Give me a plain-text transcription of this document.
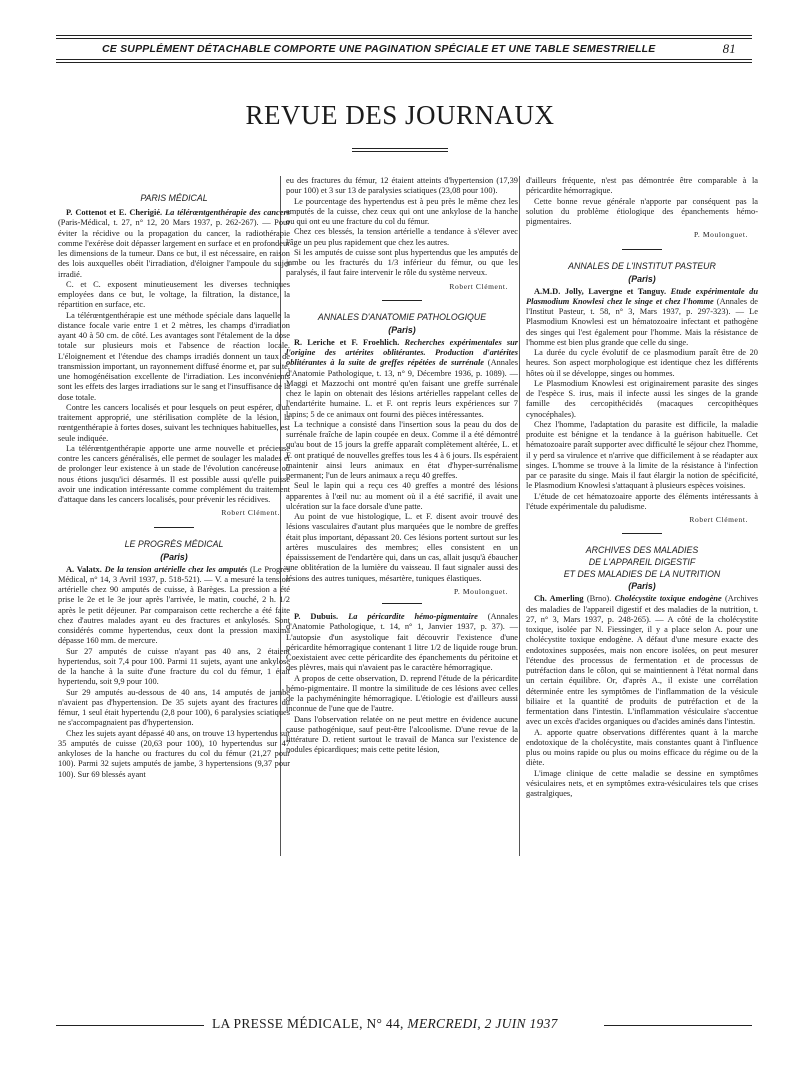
CE SUPPLÉMENT DÉTACHABLE COMPORTE UNE PAGINATION SPÉCIALE ET UNE TABLE SEMESTRIELLE	81
REVUE DES JOURNAUX
PARIS MÉDICAL

P. Cottenot et E. Cherigié. La télérœntgenthérapie des cancers (Paris-Médical, t. 27, n° 12, 20 Mars 1937, p. 262-267). — Pour éviter la récidive ou la propagation du cancer, la radiothérapie comme l'exérèse doit dépasser largement en surface et en profondeur les dimensions de la tumeur. Dans ce but, il est nécessaire, en raison des lois auxquelles obéit l'irradiation, d'éloigner l'ampoule du sujet irradié.

C. et C. exposent minutieusement les diverses techniques employées dans ce but, le voltage, la filtration, la distance, la répartition en surface, etc.

La télérœntgenthérapie est une méthode spéciale dans laquelle la distance focale varie entre 1 et 2 mètres, les champs d'irradiation ayant 40 à 50 cm. de côté. Les avantages sont l'étalement de la dose totale sur plusieurs mois et l'absence de réaction locale. L'éloignement et l'étendue des champs irradiés donnent un taux de transmission important, un rayonnement diffusé énorme et, par suite, une homogénéisation excellente de l'irradiation. Les inconvénients sont les effets des larges irradiations sur le sang et l'insuffisance de la dose totale.

Contre les cancers localisés et pour lesquels on peut espérer, d'un traitement approprié, une stérilisation complète de la lésion, la rœntgenthérapie à fortes doses, suivant les techniques habituelles, est seule indiquée.

La télérœntgenthérapie apporte une arme nouvelle et précieuse contre les cancers généralisés, elle permet de soulager les malades et de prolonger leur existence à un stade de l'évolution cancéreuse où nous étions jusqu'ici désarmés. Il est possible aussi qu'elle puisse avoir une indication intéressante comme complément du traitement d'attaque dans les cancers localisés, pour prévenir les récidives.

Robert Clément.
LE PROGRÈS MÉDICAL
(Paris)

A. Valatx. De la tension artérielle chez les amputés (Le Progrès Médical, n° 14, 3 Avril 1937, p. 518-521). — V. a mesuré la tension artérielle chez 90 amputés de cuisse, à Barèges. La pression a été prise le 2e et le 3e jour après l'arrivée, le matin, couché, 2 h. 1/2 après le petit déjeuner. Par comparaison cette recherche a été faite chez d'autres malades ayant eu des fractures et ankylosés. Sont considérés comme hypertendus, ceux dont la pression maxima dépasse 160 mm. de mercure.

Sur 27 amputés de cuisse n'ayant pas 40 ans, 2 étaient hypertendus, soit 7,4 pour 100. Parmi 11 sujets, ayant une ankylose de la hanche à la suite d'une fracture du col du fémur, 1 était hypertendu, soit 9,9 pour 100.

Sur 29 amputés au-dessous de 40 ans, 14 amputés de jambe n'avaient pas d'hypertension. De 35 sujets ayant des fractures du fémur, 1 seul était hypertendu (2,8 pour 100), 6 paralysies sciatiques ne s'accompagnaient pas d'hypertension.

Chez les sujets ayant dépassé 40 ans, on trouve 13 hypertendus sur 35 amputés de cuisse (20,63 pour 100), 10 hypertendus sur 47 ankyloses de la hanche ou fractures du col du fémur (21,27 pour 100). Parmi 32 sujets amputés de jambe, 3 hypertensions (9,37 pour 100). Sur 69 blessés ayant

eu des fractures du fémur, 12 étaient atteints d'hypertension (17,39 pour 100) et 3 sur 13 de paralysies sciatiques (23,08 pour 100).

Le pourcentage des hypertendus est à peu près le même chez les amputés de la cuisse, chez ceux qui ont une ankylose de la hanche ou qui ont eu une fracture du col du fémur.

Chez ces blessés, la tension artérielle a tendance à s'élever avec l'âge un peu plus rapidement que chez les autres.

Si les amputés de cuisse sont plus hypertendus que les amputés de jambe ou les fracturés du 1/3 inférieur du fémur, ou que les paralysés, il faut faire intervenir le rôle du système nerveux.

Robert Clément.
ANNALES D'ANATOMIE PATHOLOGIQUE
(Paris)

R. Leriche et F. Froehlich. Recherches expérimentales sur l'origine des artérites oblitérantes. Production d'artérites oblitérantes à la suite de greffes répétées de surrénale (Annales d'Anatomie Pathologique, t. 13, n° 9, Décembre 1936, p. 1089). — Maggi et Mazzochi ont montré qu'en faisant une greffe surrénale chez le lapin on obtenait des lésions artérielles rappelant celles de l'endartérite humaine. L. et F. ont repris leurs expériences sur 7 lapins; 5 de ce animaux ont fourni des pièces intéressantes.

La technique a consisté dans l'insertion sous la peau du dos de surrénale fraîche de lapin coupée en deux. Comme il a été démontré qu'au bout de 15 jours la greffe apparaît complètement altérée, L. et F. ont pratiqué de nouvelles greffes tous les 4 à 6 jours. Ils espéraient maintenir ainsi leurs animaux en état d'hyper-surrénalisme permanent; l'un de leurs animaux a reçu 40 greffes.

Seul le lapin qui a reçu ces 40 greffes a montré des lésions apparentes à l'œil nu: au moment où il a été sacrifié, il avait une ulcération sur la face dorsale d'une patte.

Au point de vue histologique, L. et F. disent avoir trouvé des lésions vasculaires d'autant plus marquées que le nombre de greffes était plus important, dépassant 20. Ces lésions portent surtout sur les artères musculaires des membres; elles consistent en un épaississement de l'endartère qui, dans un cas, allait jusqu'à ébaucher une oblitération de la lumière du vaisseau. Il faut signaler aussi des lésions des autres tuniques, mésartère, tuniques élastiques.

P. Moulonguet.

P. Dubuis. La péricardite hémo-pigmentaire (Annales d'Anatomie Pathologique, t. 14, n° 1, Janvier 1937, p. 37). — L'autopsie d'un asystolique fait découvrir l'existence d'une péricardite hémorragique contenant 1 litre 1/2 de liquide rouge brun. Coexistaient avec cette péricardite des épanchements du péritoine et des plèvres, mais qui n'avaient pas le caractère hémorragique.

A propos de cette observation, D. reprend l'étude de la péricardite hémo-pigmentaire. Il montre la similitude de ces lésions avec celles de la pachyméningite hémorragique. L'étiologie est d'ailleurs aussi inconnue de l'une que de l'autre.

Dans l'observation relatée on ne peut mettre en évidence aucune cause pathogénique, sauf peut-être l'alcoolisme. D'une revue de la littérature D. retient surtout le travail de Manca sur l'existence de nodules épicardiques; mais cette petite lésion,

d'ailleurs fréquente, n'est pas démontrée être comparable à la péricardite hémorragique.

Cette bonne revue générale n'apporte par conséquent pas la solution du problème étiologique des épanchements hémo-pigmentaires.

P. Moulonguet.
ANNALES DE L'INSTITUT PASTEUR
(Paris)

A.M.D. Jolly, Lavergne et Tanguy. Etude expérimentale du Plasmodium Knowlesi chez le singe et chez l'homme (Annales de l'Institut Pasteur, t. 58, n° 3, Mars 1937, p. 297-323). — Le Plasmodium Knowlesi est un hématozoaire infectant et pathogène des singes qui l'est également pour l'homme. Mais la résistance de l'homme est bien plus grande que celle du singe.

La durée du cycle évolutif de ce plasmodium paraît être de 20 heures. Son aspect morphologique est identique chez les différents hôtes où il se développe, singes ou hommes.

Le Plasmodium Knowlesi est originairement parasite des singes de l'espèce S. irus, mais il infecte aussi les singes de la grande famille des cercopithécidés (macaques cercopithèques cynocéphales).

Chez l'homme, l'adaptation du parasite est difficile, la maladie produite est bénigne et la tendance à la guérison habituelle. Cet hématozoaire paraît supporter avec difficulté le séjour chez l'homme, il y perd sa virulence et n'arrive que difficilement à se réadapter aux singes. L'homme se trouve à la limite de la résistance à l'infection par ce parasite du singe. Mais il faut élargir la notion de spécificité, le Plasmodium Knowlesi s'attaquant à plusieurs espèces voisines.

L'étude de cet hématozoaire apporte des éléments intéressants à l'étude expérimentale du paludisme.

Robert Clément.
ARCHIVES DES MALADIES
DE L'APPAREIL DIGESTIF
ET DES MALADIES DE LA NUTRITION
(Paris)

Ch. Amerling (Brno). Cholécystite toxique endogène (Archives des maladies de l'appareil digestif et des maladies de la nutrition, t. 27, n° 3, Mars 1937, p. 248-265). — A côté de la cholécystite toxique, isolée par N. Fiessinger, il y a place selon A. pour une cholécystite toxique endogène. A défaut d'une mesure exacte des endotoxines supposées, mais non encore isolées, on peut mesurer l'étendue des processus de fermentation et de processus de putréfaction dans le côlon, qui se maintiennent à l'état normal dans un certain équilibre. Or, d'après A., il existe une corrélation déterminée entre les symptômes de l'inflammation de la vésicule biliaire et la quantité de produits de putréfaction et de la fermentation dans l'intestin. L'inflammation vésiculaire s'accentue avec un excès d'acides organiques ou d'acides aminés dans l'intestin.

A. apporte quatre observations différentes quant à la marche endotoxique de la cholécystite, mais constantes quant à l'influence plus ou moins rapide ou plus ou moins efficace du régime ou de la diète.

L'image clinique de cette maladie se dessine en symptômes vésiculaires nets, et en symptômes extra-vésiculaires tels que crises gastralgiques,

LA PRESSE MÉDICALE, N° 44, MERCREDI, 2 JUIN 1937
